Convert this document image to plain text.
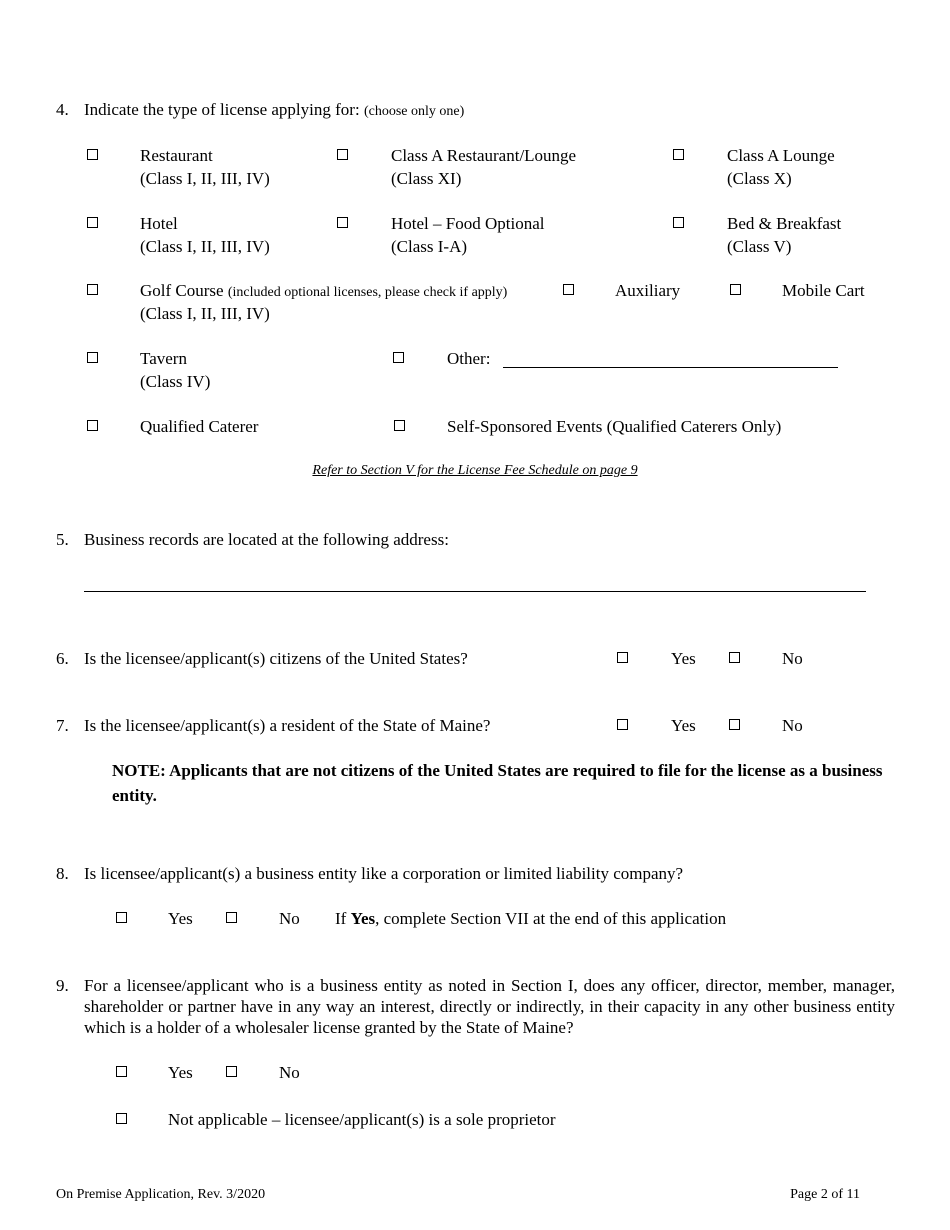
4. Indicate the type of license applying for: (choose only one)
Restaurant
(Class I, II, III, IV)
Class A Restaurant/Lounge
(Class XI)
Class A Lounge
(Class X)
Hotel
(Class I, II, III, IV)
Hotel – Food Optional
(Class I-A)
Bed & Breakfast
(Class V)
Golf Course (included optional licenses, please check if apply)
(Class I, II, III, IV)
Auxiliary	Mobile Cart
Tavern
(Class IV)
Other:
Qualified Caterer	Self-Sponsored Events (Qualified Caterers Only)
Refer to Section V for the License Fee Schedule on page 9
5. Business records are located at the following address:
6. Is the licensee/applicant(s) citizens of the United States?	Yes	No
7. Is the licensee/applicant(s) a resident of the State of Maine?	Yes	No
NOTE: Applicants that are not citizens of the United States are required to file for the license as a business entity.
8. Is licensee/applicant(s) a business entity like a corporation or limited liability company?
Yes	No If Yes, complete Section VII at the end of this application
9. For a licensee/applicant who is a business entity as noted in Section I, does any officer, director, member, manager, shareholder or partner have in any way an interest, directly or indirectly, in their capacity in any other business entity which is a holder of a wholesaler license granted by the State of Maine?
Yes	No
Not applicable – licensee/applicant(s) is a sole proprietor
On Premise Application, Rev. 3/2020	Page 2 of 11
